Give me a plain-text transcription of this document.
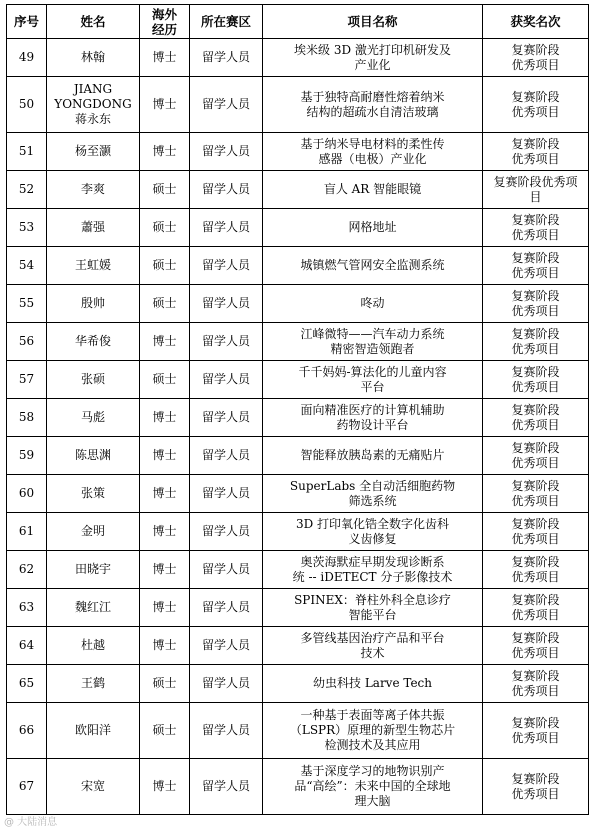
序号	姓名	海外
经历	所在赛区	项目名称	获奖名次
49	林翰	博士	留学人员	埃米级 3D 激光打印机研发及
产业化	复赛阶段
优秀项目
50	JIANG
YONGDONG
蒋永东	博士	留学人员	基于独特高耐磨性熔着纳米
结构的超疏水自清洁玻璃	复赛阶段
优秀项目
51	杨至灏	博士	留学人员	基于纳米导电材料的柔性传
感器（电极）产业化	复赛阶段
优秀项目
52	李爽	硕士	留学人员	盲人 AR 智能眼镜	复赛阶段优秀项
目
53	蕭强	硕士	留学人员	网格地址	复赛阶段
优秀项目
54	王虹媛	硕士	留学人员	城镇燃气管网安全监测系统	复赛阶段
优秀项目
55	殷帅	硕士	留学人员	咚动	复赛阶段
优秀项目
56	华希俊	博士	留学人员	江峰微特——汽车动力系统
精密智造领跑者	复赛阶段
优秀项目
57	张硕	硕士	留学人员	千千妈妈-算法化的儿童内容
平台	复赛阶段
优秀项目
58	马彪	博士	留学人员	面向精准医疗的计算机辅助
药物设计平台	复赛阶段
优秀项目
59	陈思渊	博士	留学人员	智能释放胰岛素的无痛贴片	复赛阶段
优秀项目
60	张策	博士	留学人员	SuperLabs 全自动活细胞药物
筛选系统	复赛阶段
优秀项目
61	金明	博士	留学人员	3D 打印氧化锆全数字化齿科
义齿修复	复赛阶段
优秀项目
62	田晓宇	博士	留学人员	奥茨海默症早期发现诊断系
统 -- iDETECT 分子影像技术	复赛阶段
优秀项目
63	魏红江	博士	留学人员	SPINEX：脊柱外科全息诊疗
智能平台	复赛阶段
优秀项目
64	杜越	博士	留学人员	多管线基因治疗产品和平台
技术	复赛阶段
优秀项目
65	王鹤	硕士	留学人员	幼虫科技 Larve Tech	复赛阶段
优秀项目
66	欧阳洋	硕士	留学人员	一种基于表面等离子体共振
（LSPR）原理的新型生物芯片
检测技术及其应用	复赛阶段
优秀项目
67	宋宽	博士	留学人员	基于深度学习的地物识别产
品“高绘”：未来中国的全球地
理大脑	复赛阶段
优秀项目
@ 大陆消息
